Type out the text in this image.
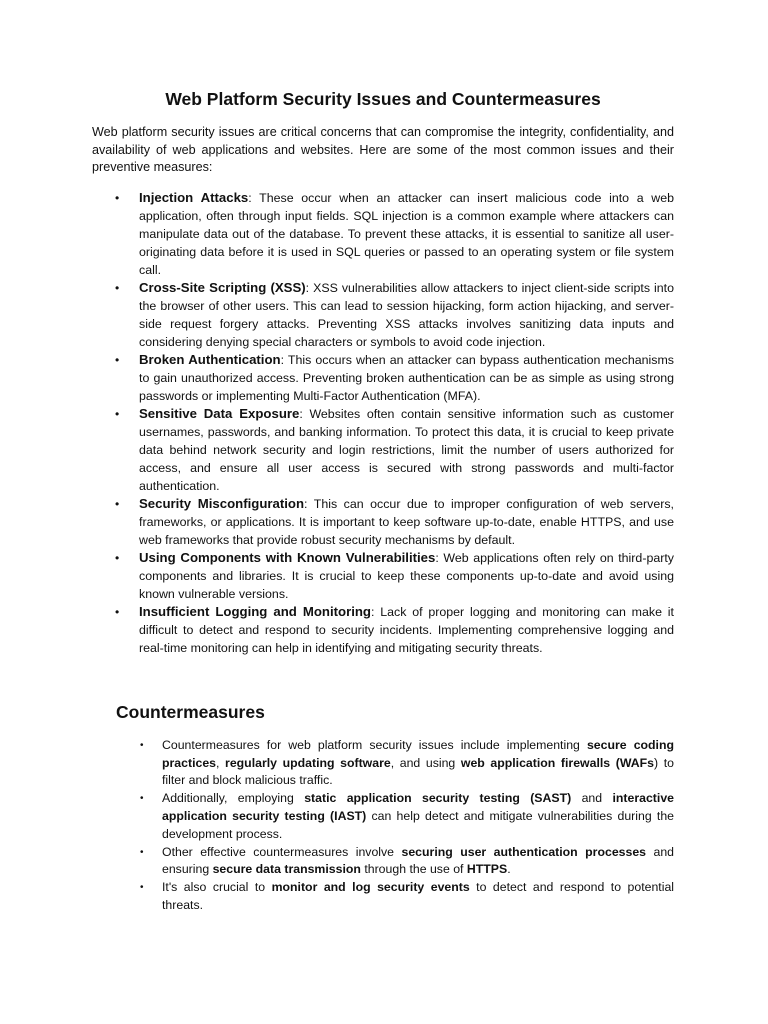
Web Platform Security Issues and Countermeasures

Web platform security issues are critical concerns that can compromise the integrity, confidentiality, and availability of web applications and websites. Here are some of the most common issues and their preventive measures:

• Injection Attacks: These occur when an attacker can insert malicious code into a web application, often through input fields. SQL injection is a common example where attackers can manipulate data out of the database. To prevent these attacks, it is essential to sanitize all user-originating data before it is used in SQL queries or passed to an operating system or file system call.
• Cross-Site Scripting (XSS): XSS vulnerabilities allow attackers to inject client-side scripts into the browser of other users. This can lead to session hijacking, form action hijacking, and server-side request forgery attacks. Preventing XSS attacks involves sanitizing data inputs and considering denying special characters or symbols to avoid code injection.
• Broken Authentication: This occurs when an attacker can bypass authentication mechanisms to gain unauthorized access. Preventing broken authentication can be as simple as using strong passwords or implementing Multi-Factor Authentication (MFA).
• Sensitive Data Exposure: Websites often contain sensitive information such as customer usernames, passwords, and banking information. To protect this data, it is crucial to keep private data behind network security and login restrictions, limit the number of users authorized for access, and ensure all user access is secured with strong passwords and multi-factor authentication.
• Security Misconfiguration: This can occur due to improper configuration of web servers, frameworks, or applications. It is important to keep software up-to-date, enable HTTPS, and use web frameworks that provide robust security mechanisms by default.
• Using Components with Known Vulnerabilities: Web applications often rely on third-party components and libraries. It is crucial to keep these components up-to-date and avoid using known vulnerable versions.
• Insufficient Logging and Monitoring: Lack of proper logging and monitoring can make it difficult to detect and respond to security incidents. Implementing comprehensive logging and real-time monitoring can help in identifying and mitigating security threats.
Countermeasures
• Countermeasures for web platform security issues include implementing secure coding practices, regularly updating software, and using web application firewalls (WAFs) to filter and block malicious traffic.
• Additionally, employing static application security testing (SAST) and interactive application security testing (IAST) can help detect and mitigate vulnerabilities during the development process.
• Other effective countermeasures involve securing user authentication processes and ensuring secure data transmission through the use of HTTPS.
• It's also crucial to monitor and log security events to detect and respond to potential threats.
